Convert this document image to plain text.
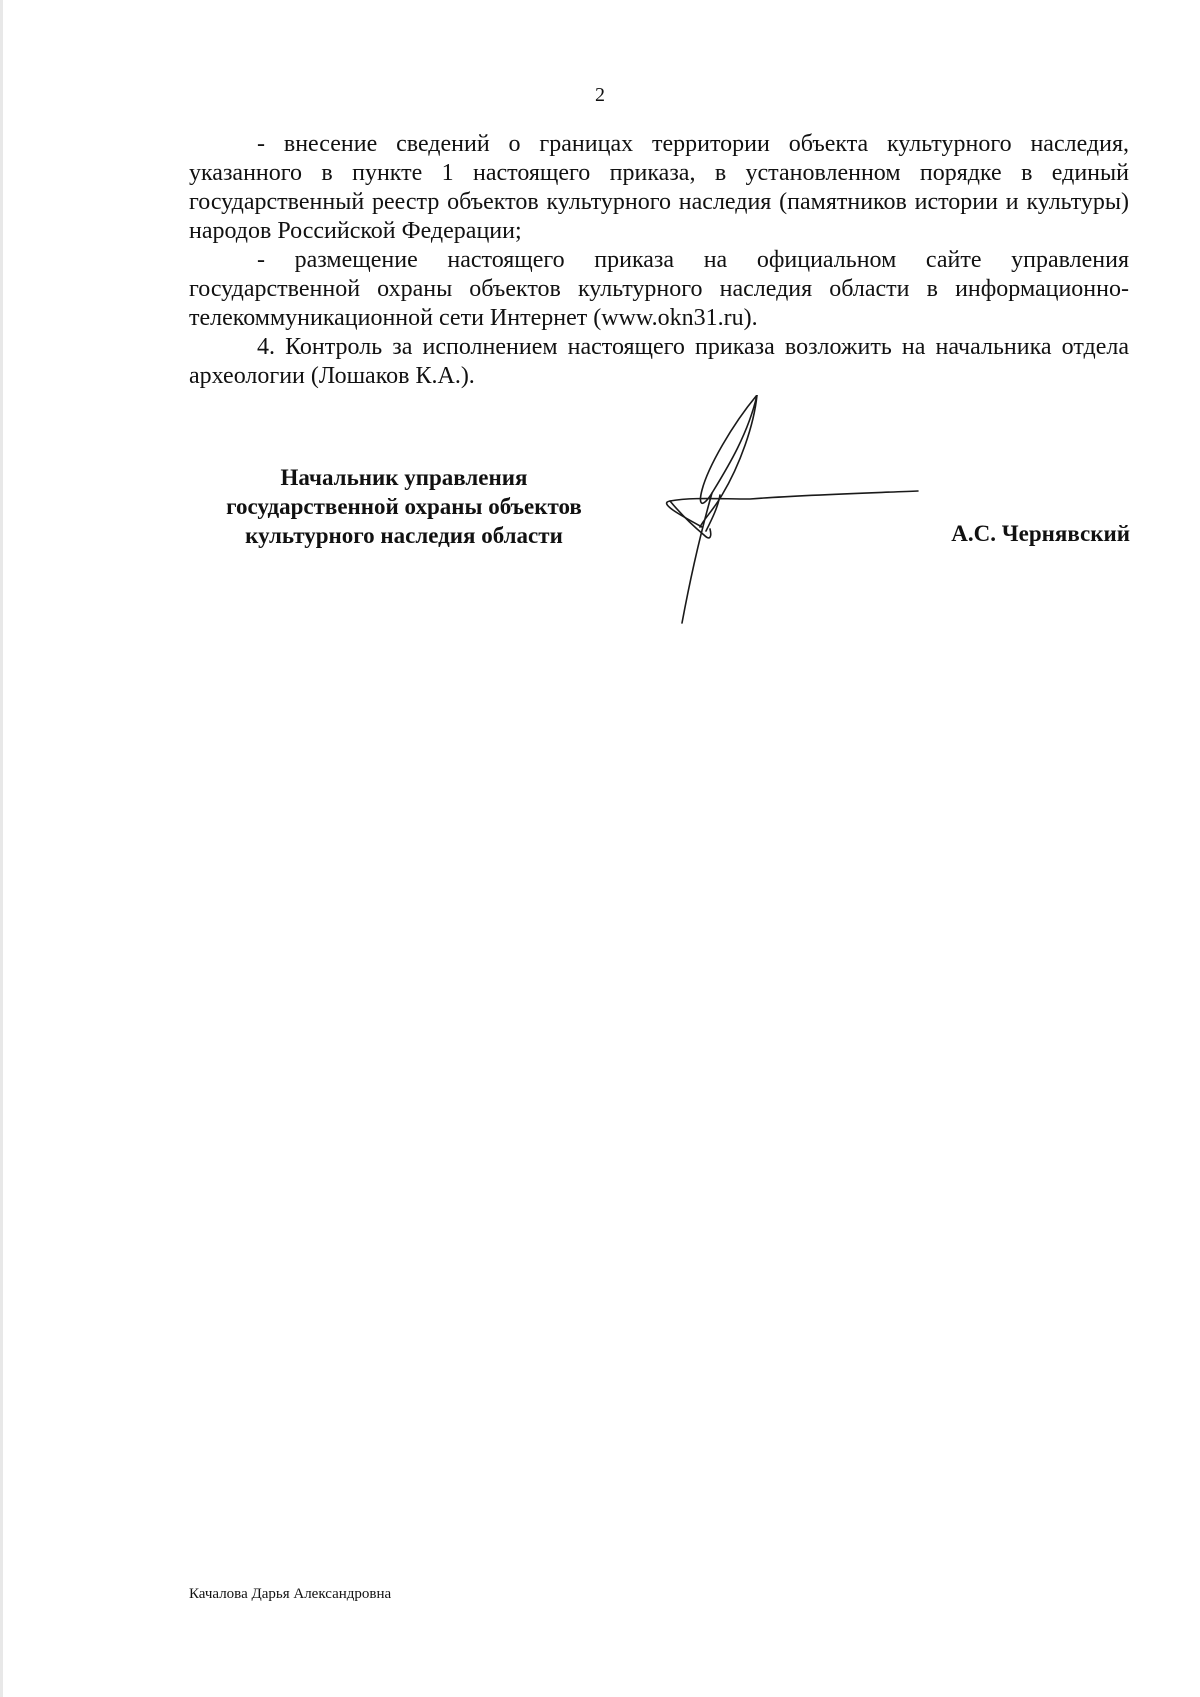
2

- внесение сведений о границах территории объекта культурного наследия, указанного в пункте 1 настоящего приказа, в установленном порядке в единый государственный реестр объектов культурного наследия (памятников истории и культуры) народов Российской Федерации;

- размещение настоящего приказа на официальном сайте управления государственной охраны объектов культурного наследия области в информационно-телекоммуникационной сети Интернет (www.okn31.ru).

4. Контроль за исполнением настоящего приказа возложить на начальника отдела археологии (Лошаков К.А.).

Начальник управления
государственной охраны объектов
культурного наследия области	А.С. Чернявский
Качалова Дарья Александровна
